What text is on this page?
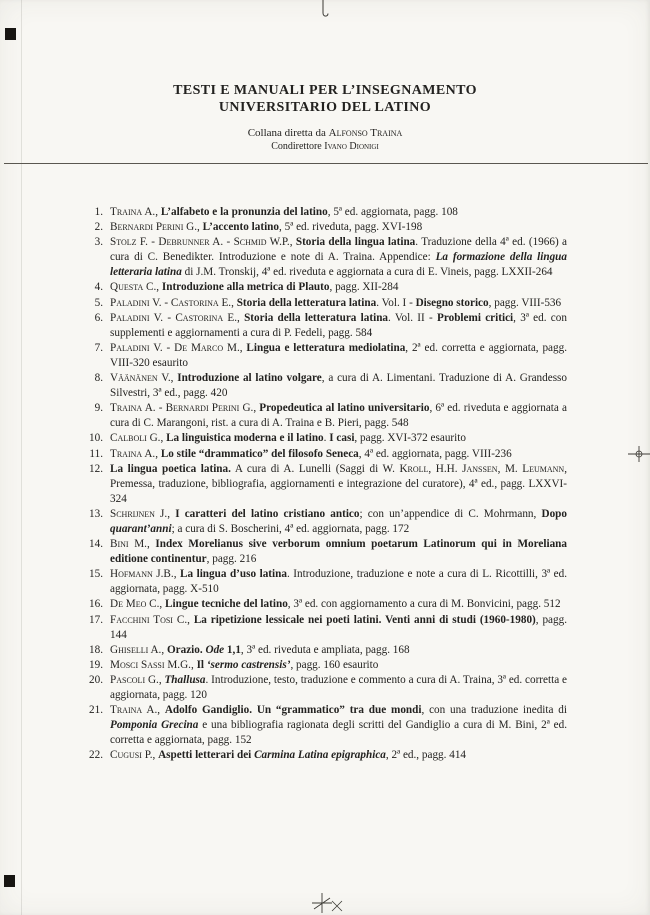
TESTI E MANUALI PER L’INSEGNAMENTO
UNIVERSITARIO DEL LATINO

Collana diretta da Alfonso Traina

Condirettore Ivano Dionigi

1. Traina A., L’alfabeto e la pronunzia del latino, 5ª ed. aggiornata, pagg. 108
2. Bernardi Perini G., L’accento latino, 5ª ed. riveduta, pagg. XVI-198
3. Stolz F. - Debrunner A. - Schmid W.P., Storia della lingua latina. Traduzione della 4ª ed. (1966) a cura di C. Benedikter. Introduzione e note di A. Traina. Appendice: La formazione della lingua letteraria latina di J.M. Tronskij, 4ª ed. riveduta e aggiornata a cura di E. Vineis, pagg. LXXII-264
4. Questa C., Introduzione alla metrica di Plauto, pagg. XII-284
5. Paladini V. - Castorina E., Storia della letteratura latina. Vol. I - Disegno storico, pagg. VIII-536
6. Paladini V. - Castorina E., Storia della letteratura latina. Vol. II - Problemi critici, 3ª ed. con supplementi e aggiornamenti a cura di P. Fedeli, pagg. 584
7. Paladini V. - De Marco M., Lingua e letteratura mediolatina, 2ª ed. corretta e aggiornata, pagg. VIII-320 esaurito
8. Väänänen V., Introduzione al latino volgare, a cura di A. Limentani. Traduzione di A. Grandesso Silvestri, 3ª ed., pagg. 420
9. Traina A. - Bernardi Perini G., Propedeutica al latino universitario, 6ª ed. riveduta e aggiornata a cura di C. Marangoni, rist. a cura di A. Traina e B. Pieri, pagg. 548
10. Calboli G., La linguistica moderna e il latino. I casi, pagg. XVI-372 esaurito
11. Traina A., Lo stile “drammatico” del filosofo Seneca, 4ª ed. aggiornata, pagg. VIII-236
12. La lingua poetica latina. A cura di A. Lunelli (Saggi di W. Kroll, H.H. Janssen, M. Leumann, Premessa, traduzione, bibliografia, aggiornamenti e integrazione del curatore), 4ª ed., pagg. LXXVI-324
13. Schrijnen J., I caratteri del latino cristiano antico; con un’appendice di C. Mohrmann, Dopo quarant’anni; a cura di S. Boscherini, 4ª ed. aggiornata, pagg. 172
14. Bini M., Index Morelianus sive verborum omnium poetarum Latinorum qui in Moreliana editione continentur, pagg. 216
15. Hofmann J.B., La lingua d’uso latina. Introduzione, traduzione e note a cura di L. Ricottilli, 3ª ed. aggiornata, pagg. X-510
16. De Meo C., Lingue tecniche del latino, 3ª ed. con aggiornamento a cura di M. Bonvicini, pagg. 512
17. Facchini Tosi C., La ripetizione lessicale nei poeti latini. Venti anni di studi (1960-1980), pagg. 144
18. Ghiselli A., Orazio. Ode 1,1, 3ª ed. riveduta e ampliata, pagg. 168
19. Mosci Sassi M.G., Il ‘sermo castrensis’, pagg. 160 esaurito
20. Pascoli G., Thallusa. Introduzione, testo, traduzione e commento a cura di A. Traina, 3ª ed. corretta e aggiornata, pagg. 120
21. Traina A., Adolfo Gandiglio. Un “grammatico” tra due mondi, con una traduzione inedita di Pomponia Grecina e una bibliografia ragionata degli scritti del Gandiglio a cura di M. Bini, 2ª ed. corretta e aggiornata, pagg. 152
22. Cugusi P., Aspetti letterari dei Carmina Latina epigraphica, 2ª ed., pagg. 414
